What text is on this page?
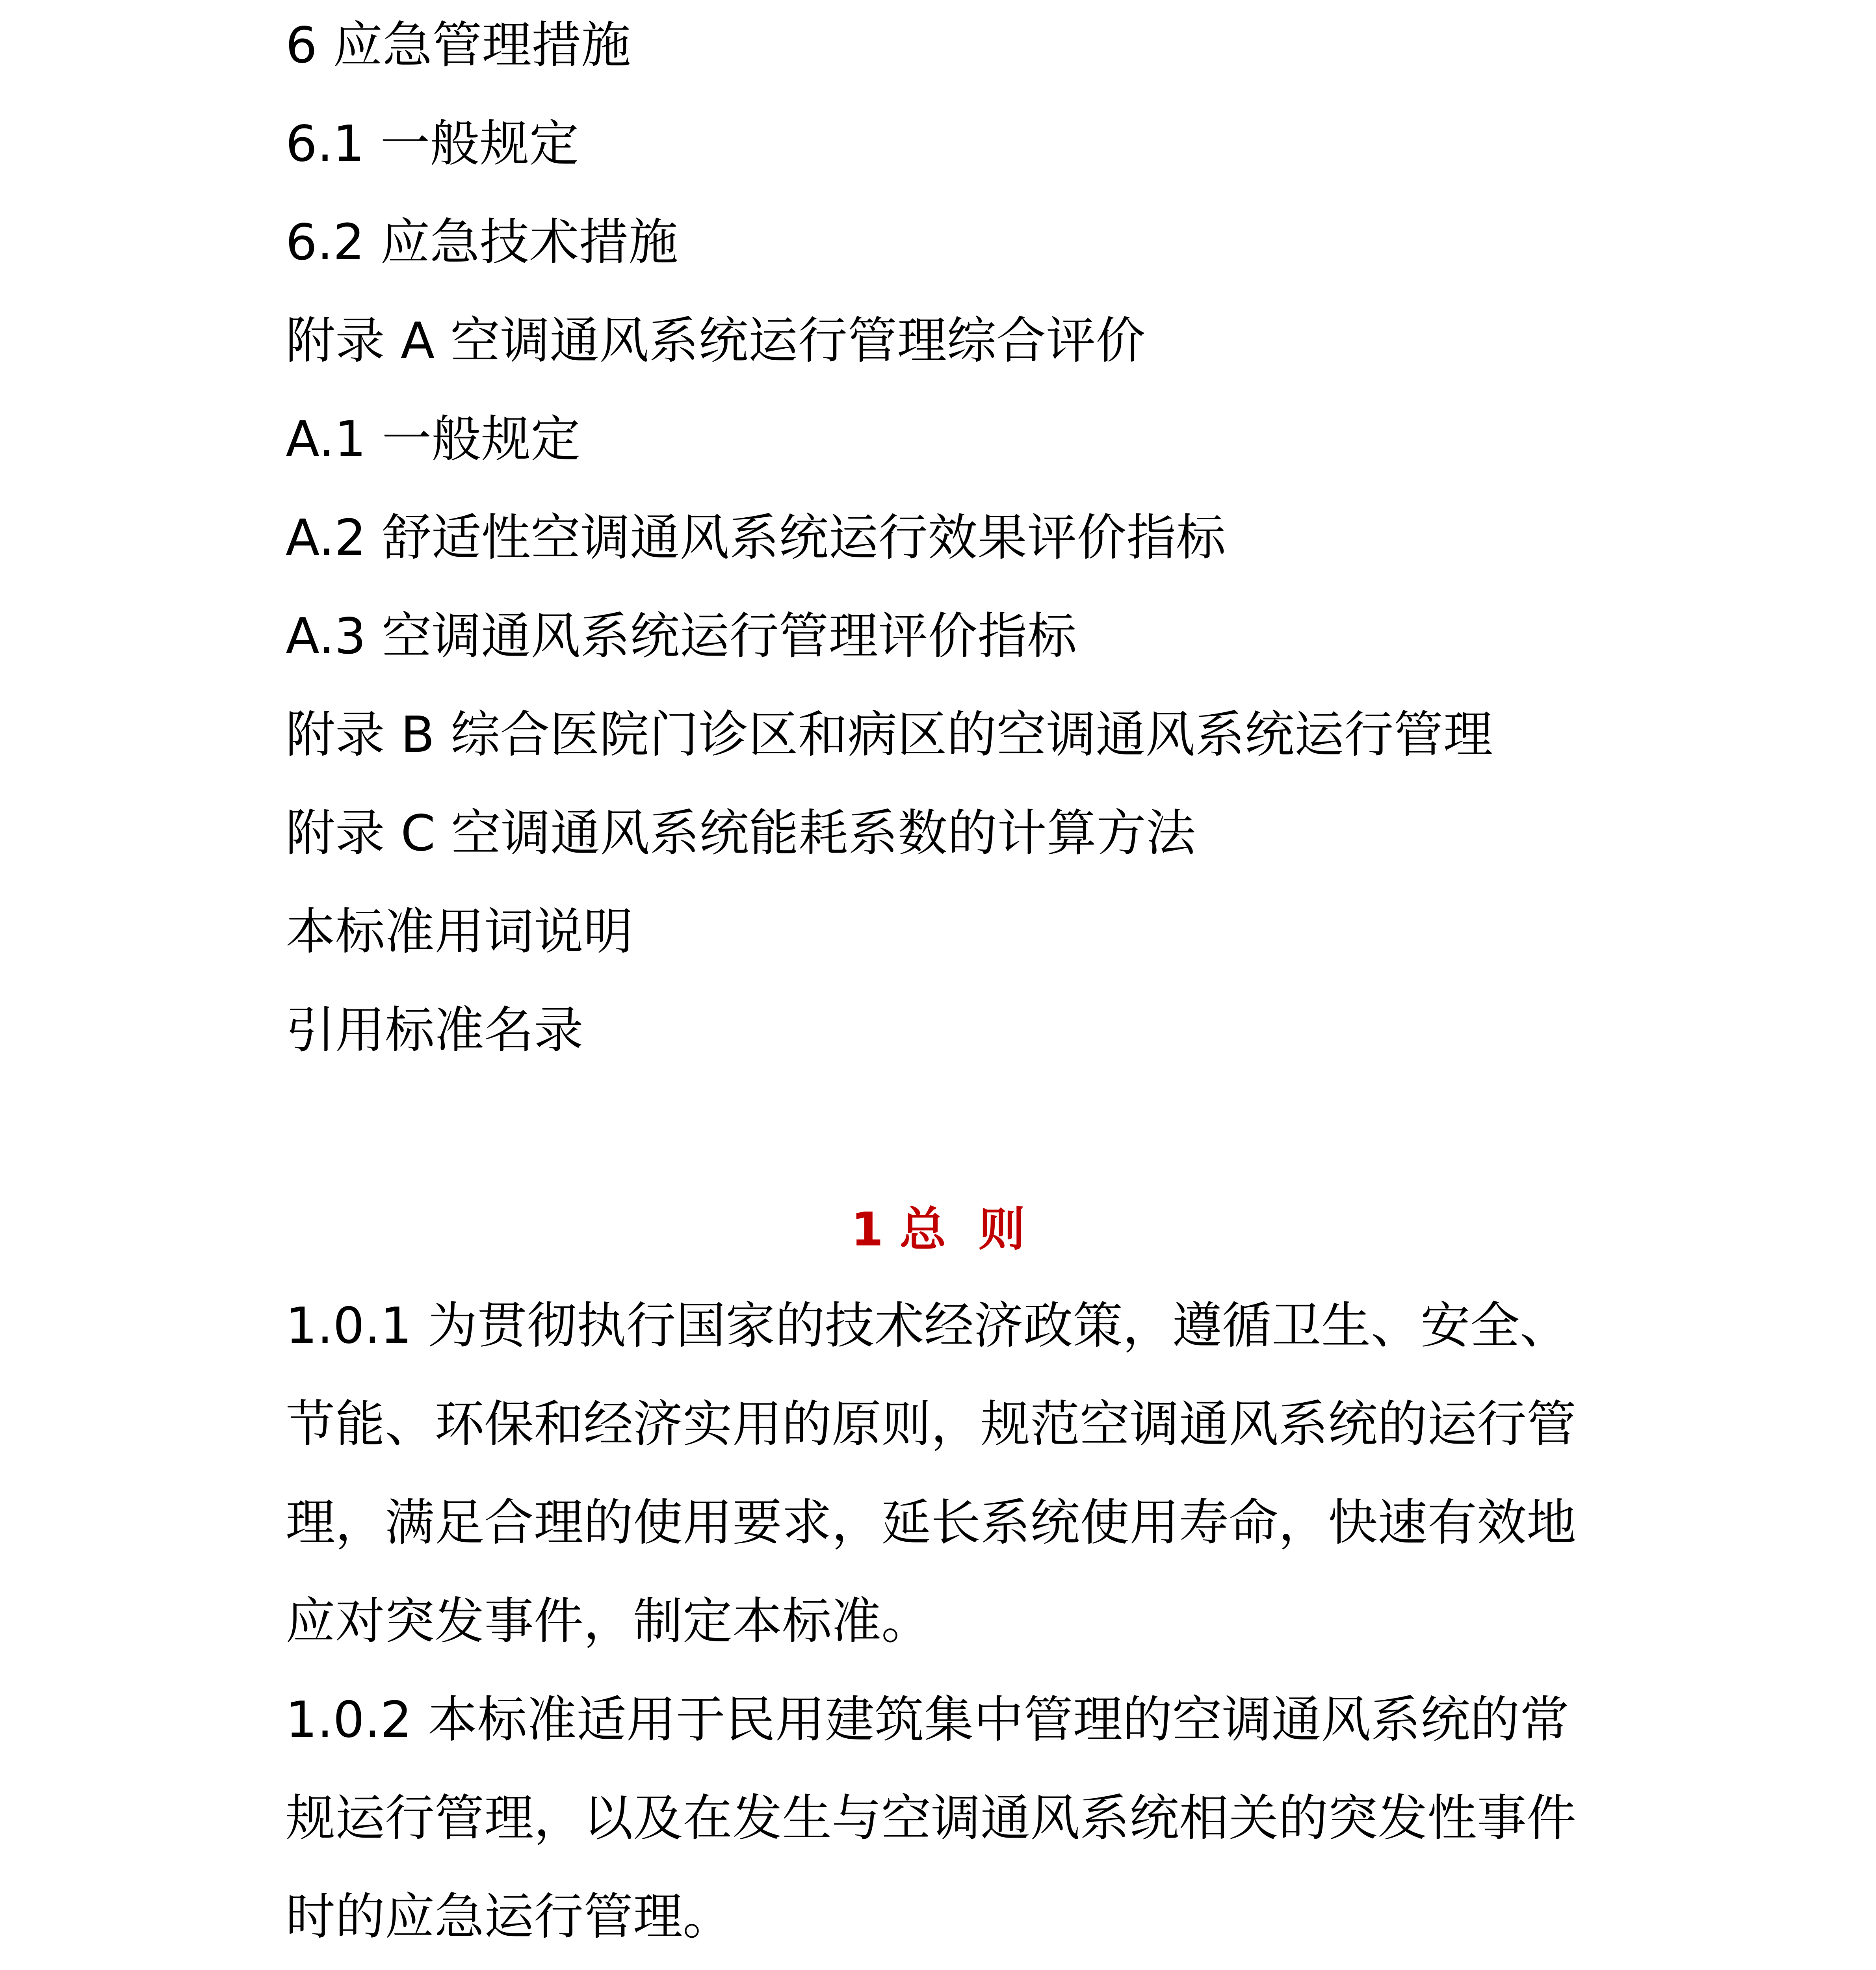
6 应急管理措施
6.1 一般规定
6.2 应急技术措施
附录 A 空调通风系统运行管理综合评价
A.1 一般规定
A.2 舒适性空调通风系统运行效果评价指标
A.3 空调通风系统运行管理评价指标
附录 B 综合医院门诊区和病区的空调通风系统运行管理
附录 C 空调通风系统能耗系数的计算方法
本标准用词说明
引用标准名录
1 总  则
1.0.1 为贯彻执行国家的技术经济政策，遵循卫生、安全、
节能、环保和经济实用的原则，规范空调通风系统的运行管
理，满足合理的使用要求，延长系统使用寿命，快速有效地
应对突发事件，制定本标准。
1.0.2 本标准适用于民用建筑集中管理的空调通风系统的常
规运行管理，以及在发生与空调通风系统相关的突发性事件
时的应急运行管理。
